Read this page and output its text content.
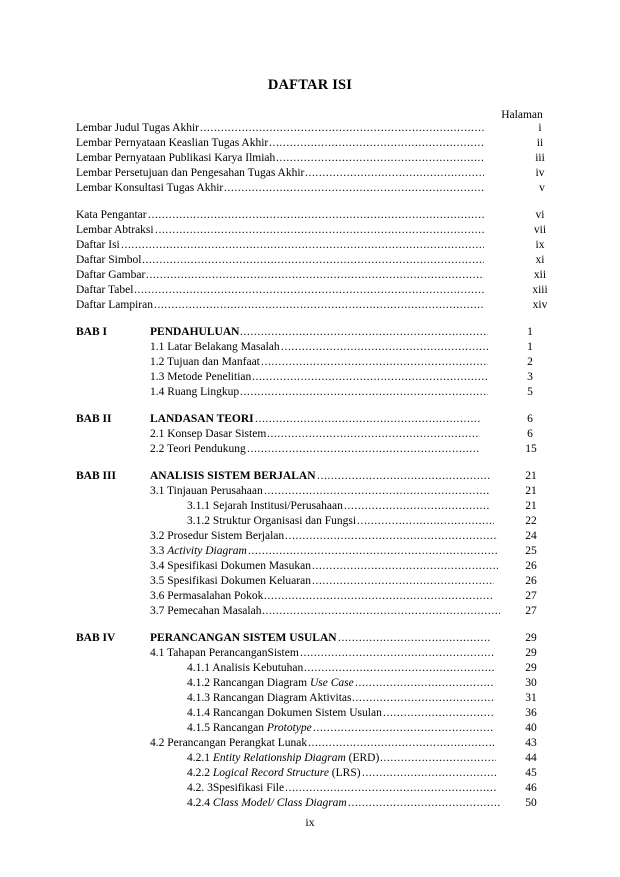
DAFTAR ISI
Halaman
Lembar Judul Tugas Akhir .....	i
Lembar Pernyataan Keaslian Tugas Akhir .....	ii
Lembar Pernyataan Publikasi Karya Ilmiah .....	iii
Lembar Persetujuan dan Pengesahan Tugas Akhir .....	iv
Lembar Konsultasi Tugas Akhir .....	v
Kata Pengantar .....	vi
Lembar Abtraksi .....	vii
Daftar Isi .....	ix
Daftar Simbol .....	xi
Daftar Gambar .....	xii
Daftar Tabel .....	xiii
Daftar Lampiran .....	xiv
BAB I	PENDAHULUAN .....	1
1.1 Latar Belakang Masalah .....	1
1.2 Tujuan dan Manfaat .....	2
1.3 Metode Penelitian .....	3
1.4 Ruang Lingkup .....	5
BAB II	LANDASAN TEORI .....	6
2.1 Konsep Dasar Sistem .....	6
2.2 Teori Pendukung .....	15
BAB III	ANALISIS SISTEM BERJALAN .....	21
3.1 Tinjauan Perusahaan .....	21
3.1.1 Sejarah Institusi/Perusahaan .....	21
3.1.2 Struktur Organisasi dan Fungsi .....	22
3.2 Prosedur Sistem Berjalan .....	24
3.3 Activity Diagram .....	25
3.4 Spesifikasi Dokumen Masukan .....	26
3.5 Spesifikasi Dokumen Keluaran .....	26
3.6 Permasalahan Pokok .....	27
3.7 Pemecahan Masalah .....	27
BAB IV	PERANCANGAN SISTEM USULAN .....	29
4.1 Tahapan PerancanganSistem .....	29
4.1.1 Analisis Kebutuhan .....	29
4.1.2 Rancangan Diagram Use Case .....	30
4.1.3 Rancangan Diagram Aktivitas .....	31
4.1.4 Rancangan Dokumen Sistem Usulan .....	36
4.1.5 Rancangan Prototype .....	40
4.2 Perancangan Perangkat Lunak .....	43
4.2.1 Entity Relationship Diagram (ERD) .....	44
4.2.2 Logical Record Structure (LRS) .....	45
4.2. 3Spesifikasi File .....	46
4.2.4 Class Model/ Class Diagram .....	50
ix
